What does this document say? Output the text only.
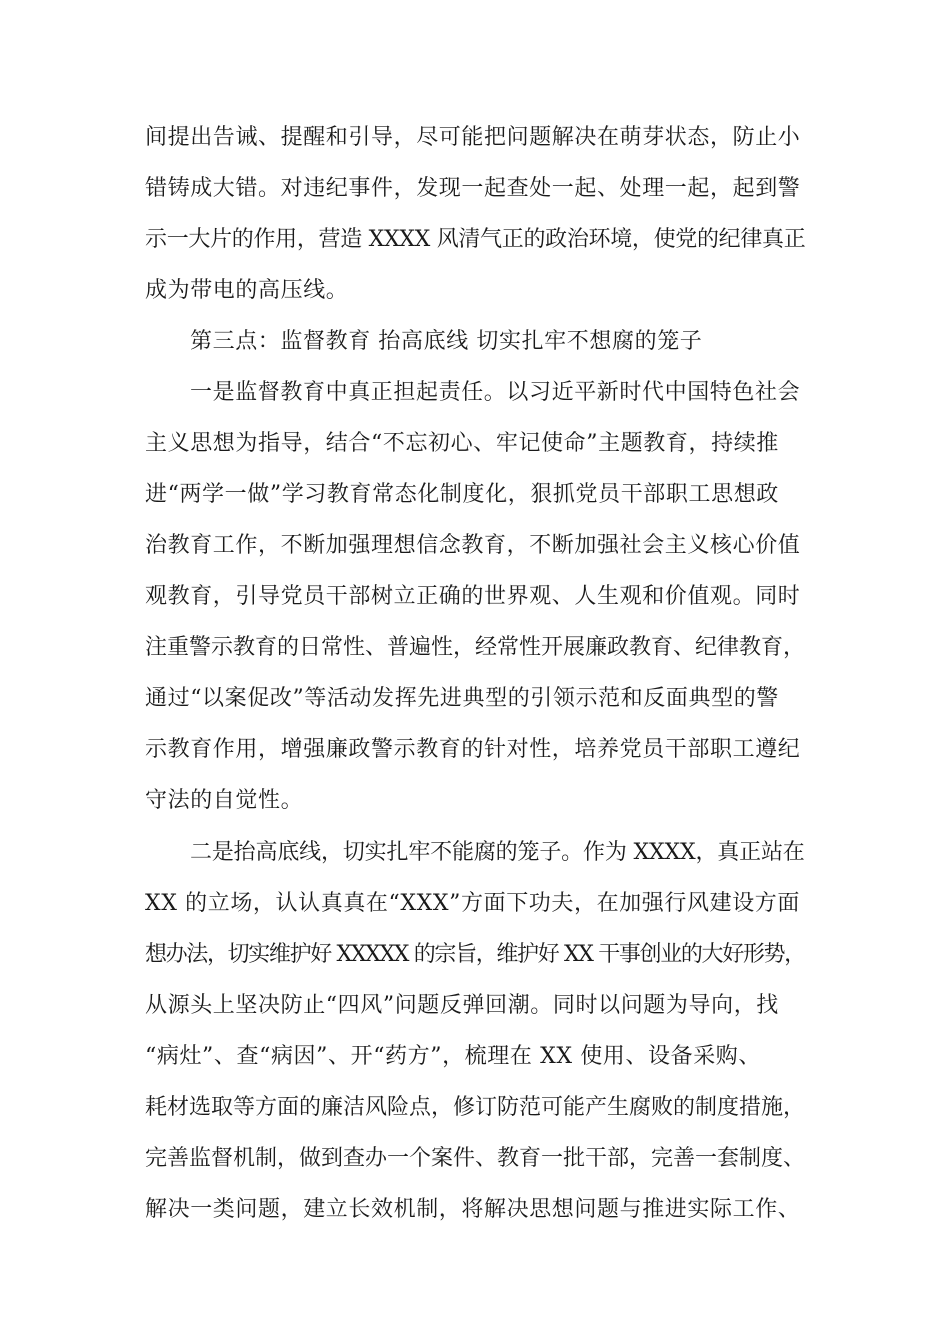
间提出告诫、提醒和引导，尽可能把问题解决在萌芽状态，防止小
错铸成大错。对违纪事件，发现一起查处一起、处理一起，起到警
示一大片的作用，营造 XXXX 风清气正的政治环境，使党的纪律真正
成为带电的高压线。
第三点：监督教育 抬高底线 切实扎牢不想腐的笼子
一是监督教育中真正担起责任。以习近平新时代中国特色社会
主义思想为指导，结合“不忘初心、牢记使命”主题教育，持续推
进“两学一做”学习教育常态化制度化，狠抓党员干部职工思想政
治教育工作，不断加强理想信念教育，不断加强社会主义核心价值
观教育，引导党员干部树立正确的世界观、人生观和价值观。同时
注重警示教育的日常性、普遍性，经常性开展廉政教育、纪律教育，
通过“以案促改”等活动发挥先进典型的引领示范和反面典型的警
示教育作用，增强廉政警示教育的针对性，培养党员干部职工遵纪
守法的自觉性。
二是抬高底线，切实扎牢不能腐的笼子。作为 XXXX，真正站在
XX 的立场，认认真真在“XXX”方面下功夫，在加强行风建设方面
想办法，切实维护好 XXXXX 的宗旨，维护好 XX 干事创业的大好形势，
从源头上坚决防止“四风”问题反弹回潮。同时以问题为导向，找
“病灶”、查“病因”、开“药方”，梳理在 XX 使用、设备采购、
耗材选取等方面的廉洁风险点，修订防范可能产生腐败的制度措施，
完善监督机制，做到查办一个案件、教育一批干部，完善一套制度、
解决一类问题，建立长效机制，将解决思想问题与推进实际工作、
